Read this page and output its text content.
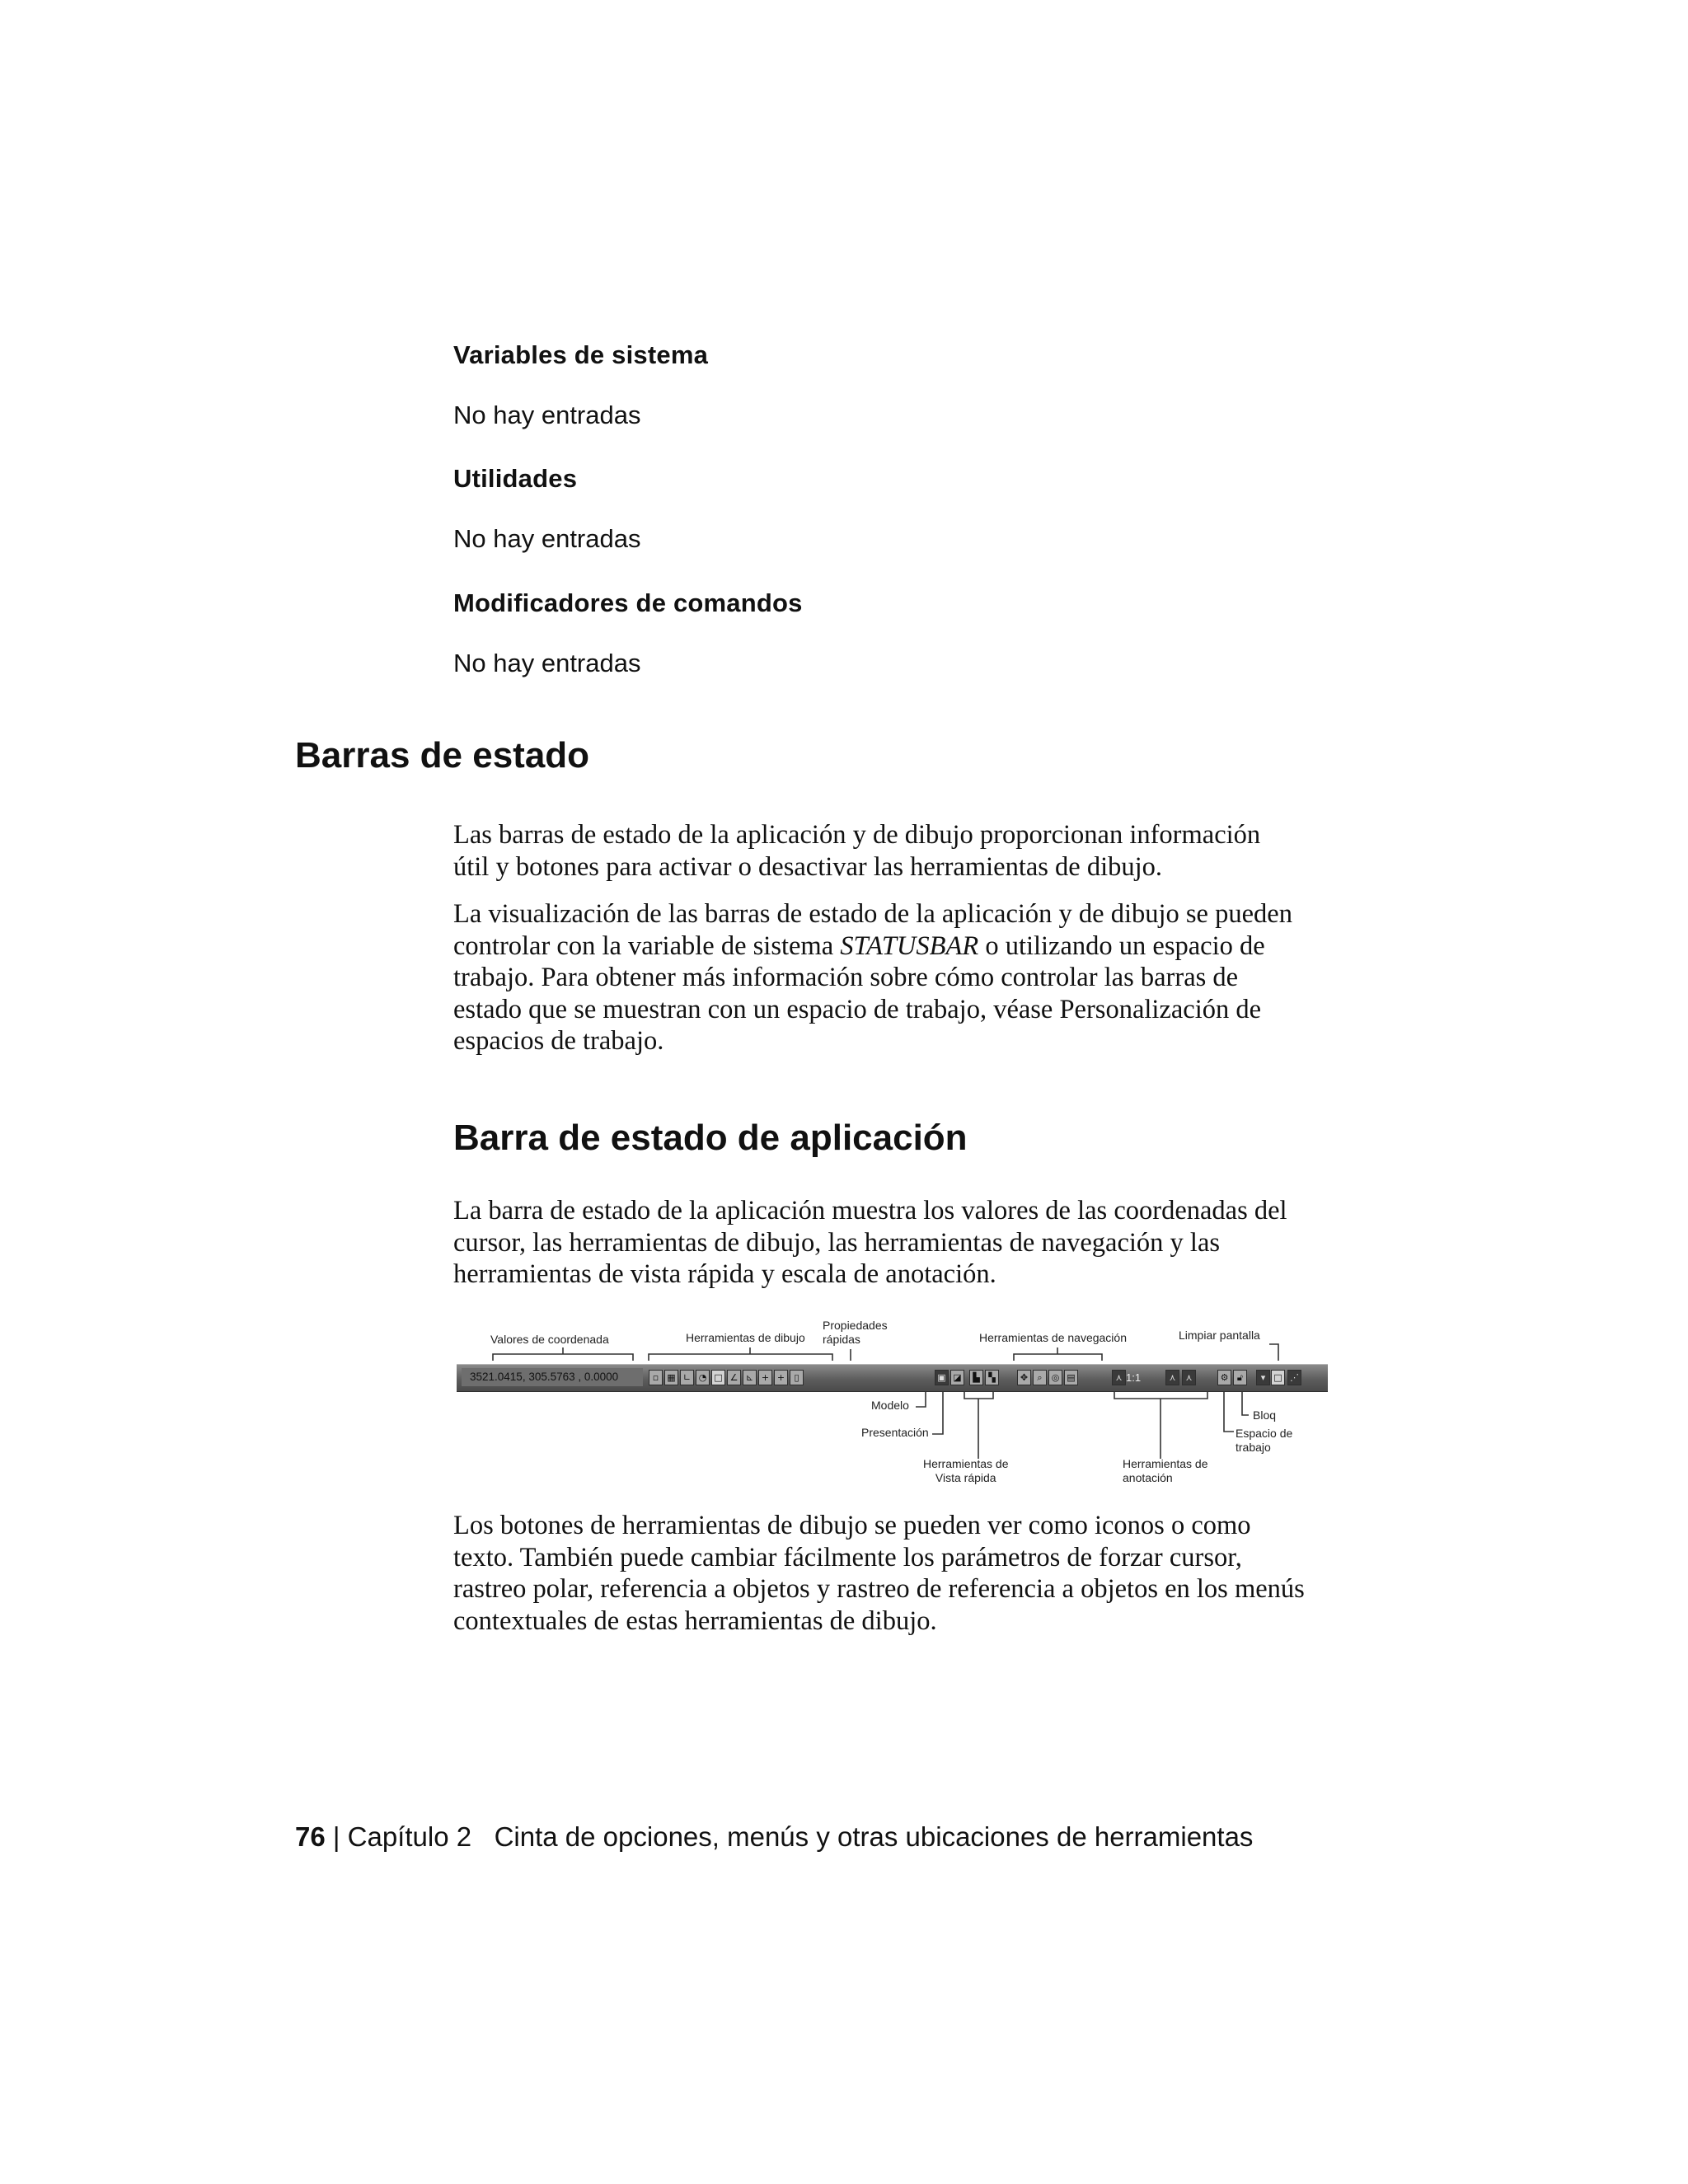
Variables de sistema
No hay entradas
Utilidades
No hay entradas
Modificadores de comandos
No hay entradas
Barras de estado
Las barras de estado de la aplicación y de dibujo proporcionan información
útil y botones para activar o desactivar las herramientas de dibujo.
La visualización de las barras de estado de la aplicación y de dibujo se pueden
controlar con la variable de sistema STATUSBAR o utilizando un espacio de
trabajo. Para obtener más información sobre cómo controlar las barras de
estado que se muestran con un espacio de trabajo, véase Personalización de
espacios de trabajo.
Barra de estado de aplicación
La barra de estado de la aplicación muestra los valores de las coordenadas del
cursor, las herramientas de dibujo, las herramientas de navegación y las
herramientas de vista rápida y escala de anotación.
Valores de coordenada	Herramientas de dibujo
Propiedades
rápidas	Herramientas de navegación	Limpiar pantalla
3521.0415, 305.5763 , 0.0000	▫ ▦ ∟ ◔ □ ∠ ⊾ + +	▯	▣ ◪	▙ ▚	✥	⌕	◎ ▤	⋏ 1:1	⋏	⋏	⚙ 🔓︎	▾ □ ⋰
Modelo
Presentación
Herramientas de
Vista rápida
Herramientas de
anotación
Bloq
Espacio de
trabajo
Los botones de herramientas de dibujo se pueden ver como iconos o como
texto. También puede cambiar fácilmente los parámetros de forzar cursor,
rastreo polar, referencia a objetos y rastreo de referencia a objetos en los menús
contextuales de estas herramientas de dibujo.
76 | Capítulo 2 Cinta de opciones, menús y otras ubicaciones de herramientas
